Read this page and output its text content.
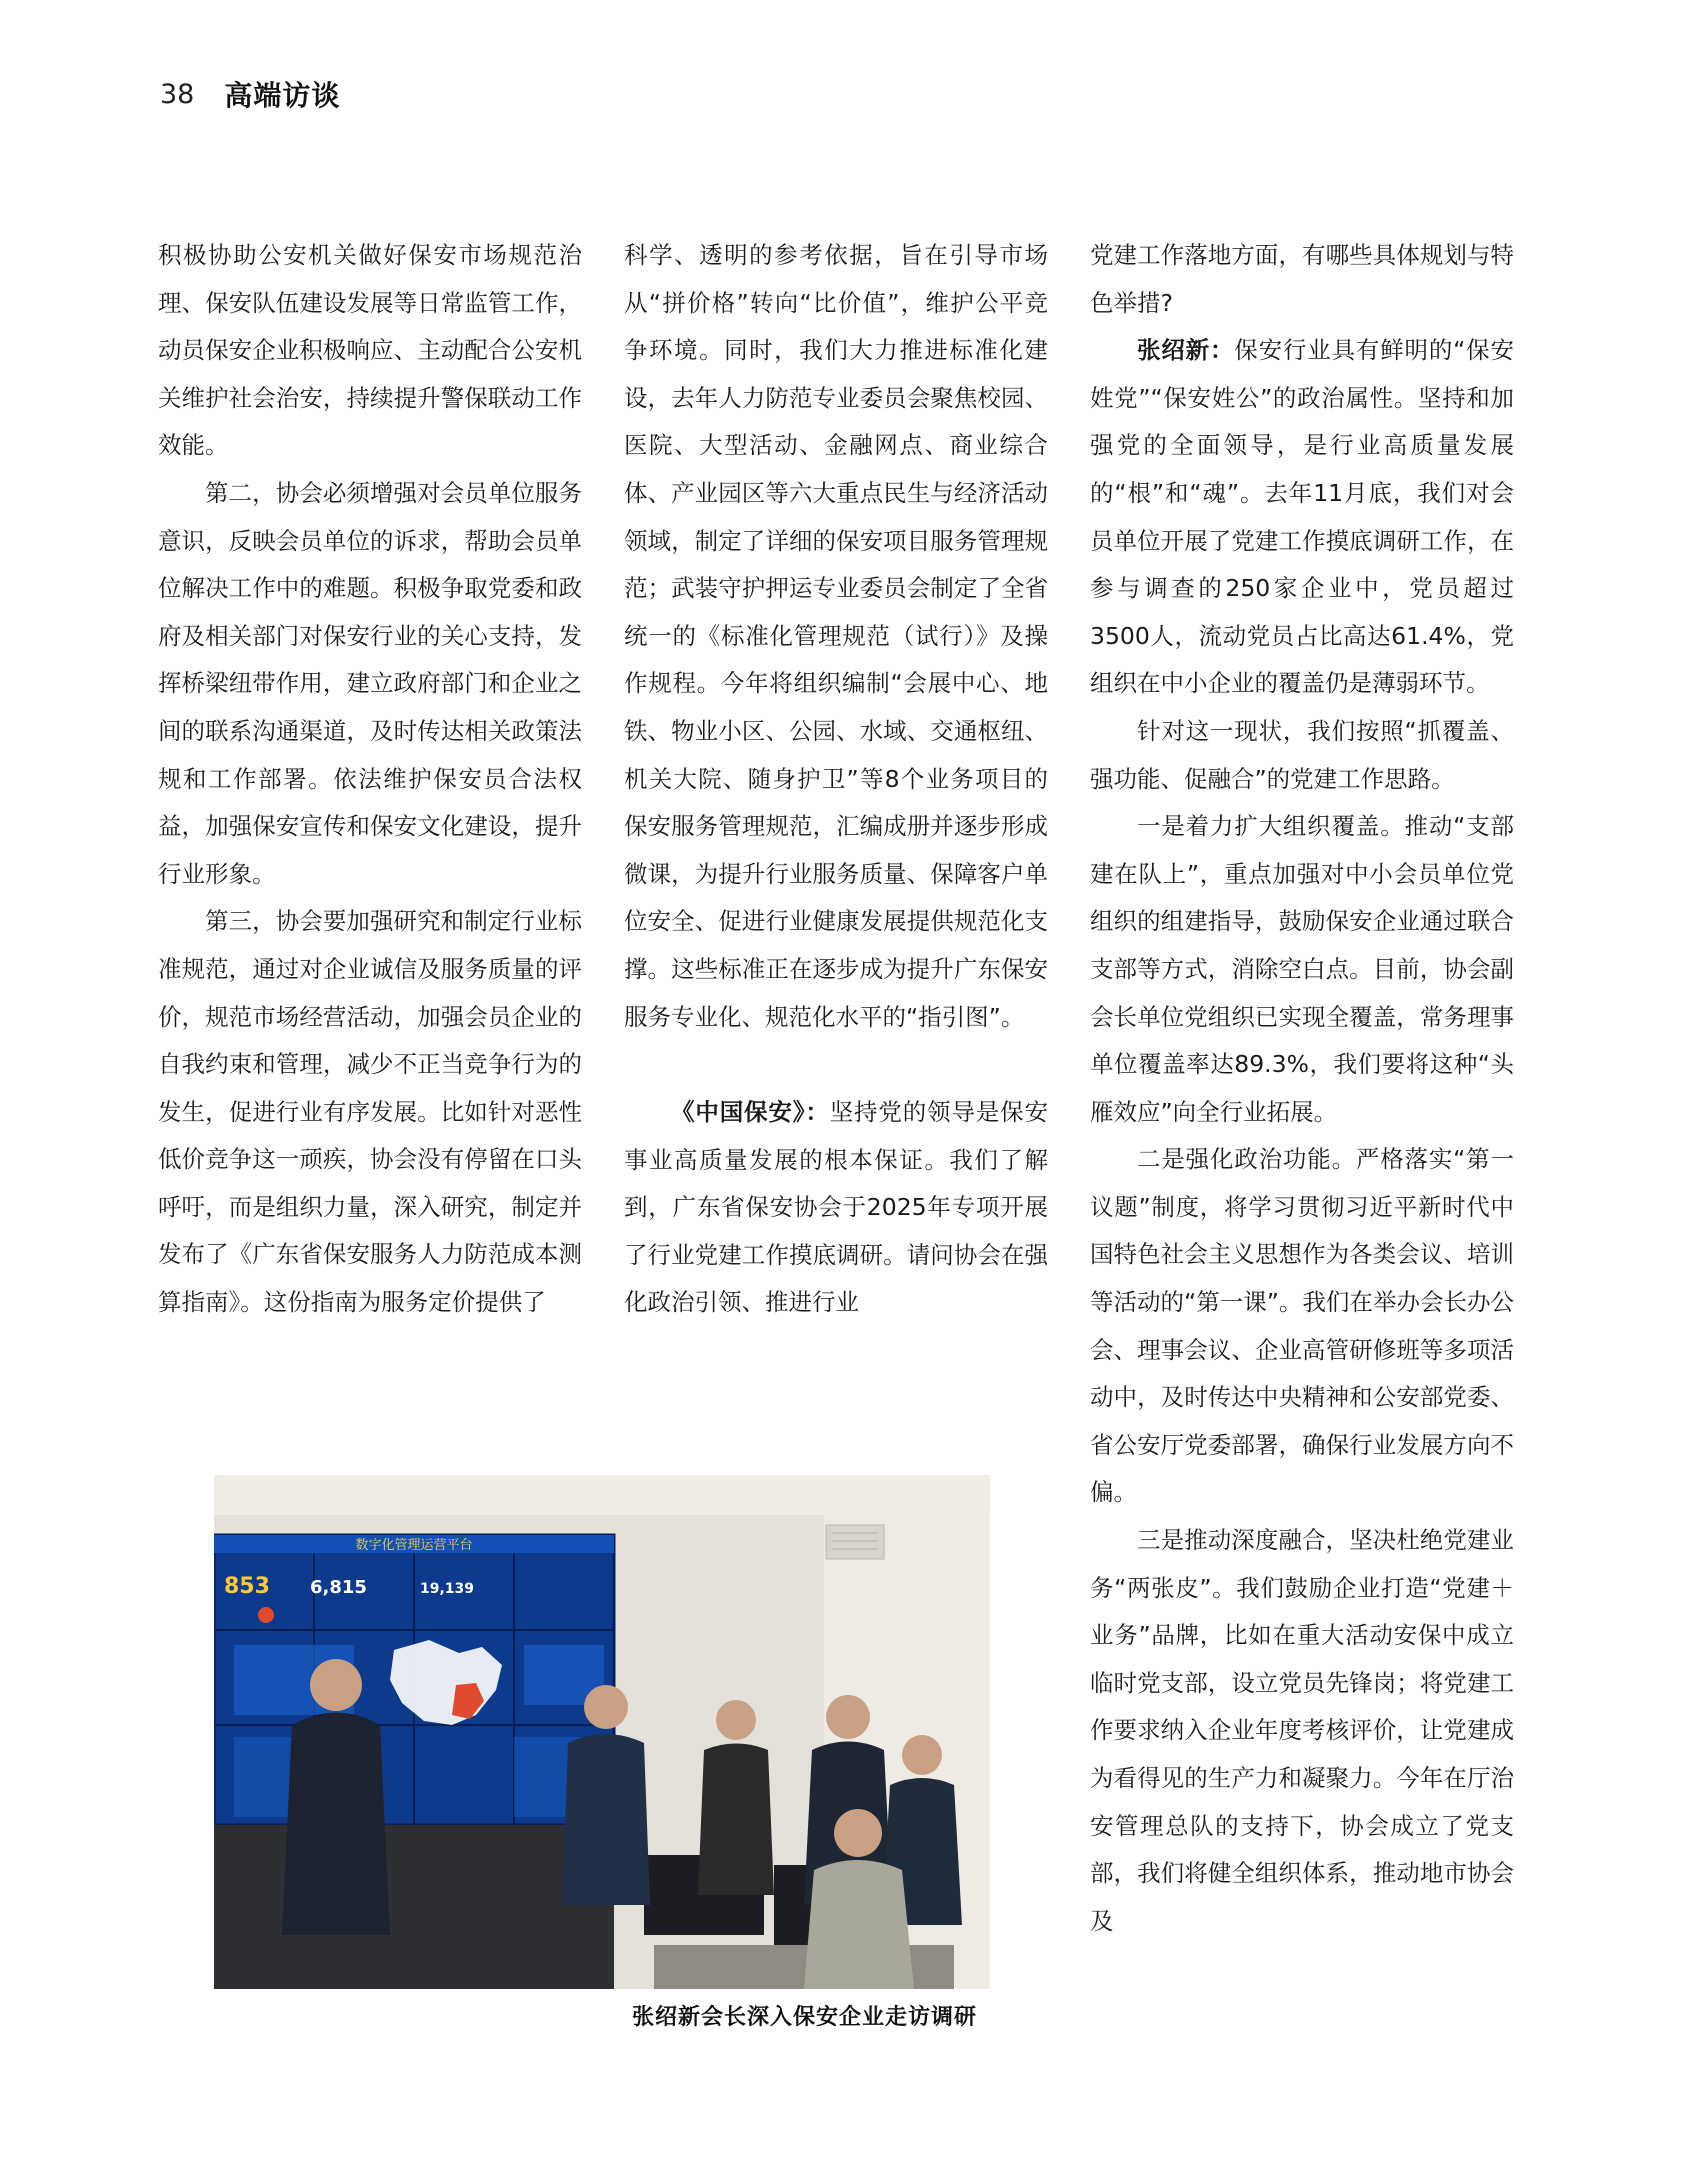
38 高端访谈

积极协助公安机关做好保安市场规范治理、保安队伍建设发展等日常监管工作，动员保安企业积极响应、主动配合公安机关维护社会治安，持续提升警保联动工作效能。

第二，协会必须增强对会员单位服务意识，反映会员单位的诉求，帮助会员单位解决工作中的难题。积极争取党委和政府及相关部门对保安行业的关心支持，发挥桥梁纽带作用，建立政府部门和企业之间的联系沟通渠道，及时传达相关政策法规和工作部署。依法维护保安员合法权益，加强保安宣传和保安文化建设，提升行业形象。

第三，协会要加强研究和制定行业标准规范，通过对企业诚信及服务质量的评价，规范市场经营活动，加强会员企业的自我约束和管理，减少不正当竞争行为的发生，促进行业有序发展。比如针对恶性低价竞争这一顽疾，协会没有停留在口头呼吁，而是组织力量，深入研究，制定并发布了《广东省保安服务人力防范成本测算指南》。这份指南为服务定价提供了

科学、透明的参考依据，旨在引导市场从“拼价格”转向“比价值”，维护公平竞争环境。同时，我们大力推进标准化建设，去年人力防范专业委员会聚焦校园、医院、大型活动、金融网点、商业综合体、产业园区等六大重点民生与经济活动领域，制定了详细的保安项目服务管理规范；武装守护押运专业委员会制定了全省统一的《标准化管理规范（试行）》及操作规程。今年将组织编制“会展中心、地铁、物业小区、公园、水域、交通枢纽、机关大院、随身护卫”等8个业务项目的保安服务管理规范，汇编成册并逐步形成微课，为提升行业服务质量、保障客户单位安全、促进行业健康发展提供规范化支撑。这些标准正在逐步成为提升广东保安服务专业化、规范化水平的“指引图”。

《中国保安》：坚持党的领导是保安事业高质量发展的根本保证。我们了解到，广东省保安协会于2025年专项开展了行业党建工作摸底调研。请问协会在强化政治引领、推进行业

党建工作落地方面，有哪些具体规划与特色举措?

张绍新：保安行业具有鲜明的“保安姓党”“保安姓公”的政治属性。坚持和加强党的全面领导，是行业高质量发展的“根”和“魂”。去年11月底，我们对会员单位开展了党建工作摸底调研工作，在参与调查的250家企业中，党员超过3500人，流动党员占比高达61.4%，党组织在中小企业的覆盖仍是薄弱环节。

针对这一现状，我们按照“抓覆盖、强功能、促融合”的党建工作思路。

一是着力扩大组织覆盖。推动“支部建在队上”，重点加强对中小会员单位党组织的组建指导，鼓励保安企业通过联合支部等方式，消除空白点。目前，协会副会长单位党组织已实现全覆盖，常务理事单位覆盖率达89.3%，我们要将这种“头雁效应”向全行业拓展。

二是强化政治功能。严格落实“第一议题”制度，将学习贯彻习近平新时代中国特色社会主义思想作为各类会议、培训等活动的“第一课”。我们在举办会长办公会、理事会议、企业高管研修班等多项活动中，及时传达中央精神和公安部党委、省公安厅党委部署，确保行业发展方向不偏。

三是推动深度融合，坚决杜绝党建业务“两张皮”。我们鼓励企业打造“党建＋业务”品牌，比如在重大活动安保中成立临时党支部，设立党员先锋岗；将党建工作要求纳入企业年度考核评价，让党建成为看得见的生产力和凝聚力。今年在厅治安管理总队的支持下，协会成立了党支部，我们将健全组织体系，推动地市协会及

数字化管理运营平台
853 6,815	19,139
张绍新会长深入保安企业走访调研
